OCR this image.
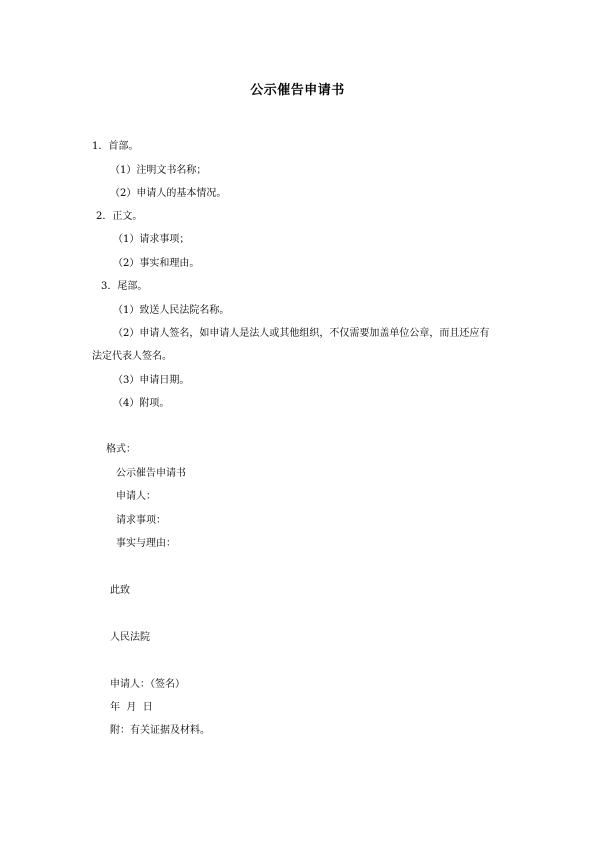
公示催告申请书
1．首部。
（1）注明文书名称；
（2）申请人的基本情况。
2．正文。
（1）请求事项；
（2）事实和理由。
3．尾部。
（1）致送人民法院名称。
（2）申请人签名，如申请人是法人或其他组织，不仅需要加盖单位公章，而且还应有
法定代表人签名。
（3）申请日期。
（4）附项。
格式：
公示催告申请书
申请人：
请求事项：
事实与理由：
此致
人民法院
申请人：（签名）
年  月  日
附：有关证据及材料。
